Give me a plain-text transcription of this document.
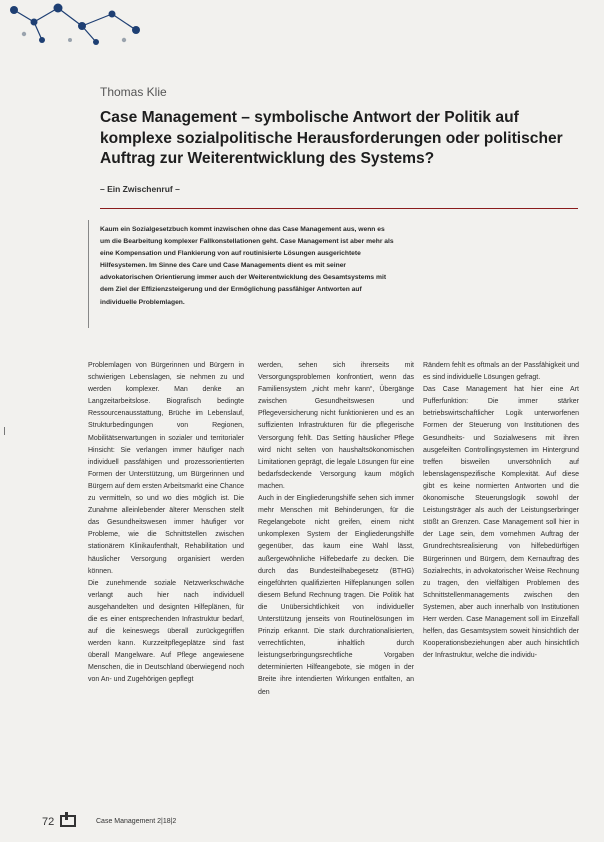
Thomas Klie
Case Management – symbolische Antwort der Politik auf komplexe sozialpolitische Herausforderungen oder politischer Auftrag zur Weiterentwicklung des Systems?
– Ein Zwischenruf –
Kaum ein Sozialgesetzbuch kommt inzwischen ohne das Case Management aus, wenn es um die Bearbeitung komplexer Fallkonstellationen geht. Case Management ist aber mehr als eine Kompensation und Flankierung von auf routinisierte Lösungen ausgerichtete Hilfesystemen. Im Sinne des Care und Case Managements dient es mit seiner advokatorischen Orientierung immer auch der Weiterentwicklung des Gesamtsystems mit dem Ziel der Effizienzsteigerung und der Ermöglichung passfähiger Antworten auf individuelle Problemlagen.

Problemlagen von Bürgerinnen und Bürgern in schwierigen Lebenslagen, sie nehmen zu und werden komplexer. Man denke an Langzeitarbeitslose. Biografisch bedingte Ressourcenausstattung, Brüche im Lebenslauf, Strukturbedingungen von Regionen, Mobilitätserwartungen in sozialer und territorialer Hinsicht: Sie verlangen immer häufiger nach individuell passfähigen und prozessorientierten Formen der Unterstützung, um Bürgerinnen und Bürgern auf dem ersten Arbeitsmarkt eine Chance zu vermitteln, so und wo dies möglich ist. Die Zunahme alleinlebender älterer Menschen stellt das Gesundheitswesen immer häufiger vor Probleme, wie die Schnittstellen zwischen stationärem Klinikaufenthalt, Rehabilitation und häuslicher Versorgung organisiert werden können.

Die zunehmende soziale Netzwerkschwäche verlangt auch hier nach individuell ausgehandelten und designten Hilfeplänen, für die es einer entsprechenden Infrastruktur bedarf, auf die keineswegs überall zurückgegriffen werden kann. Kurzzeitpflegeplätze sind fast überall Mangelware. Auf Pflege angewiesene Menschen, die in Deutschland überwiegend noch von An- und Zugehörigen gepflegt

werden, sehen sich ihrerseits mit Versorgungsproblemen konfrontiert, wenn das Familiensystem „nicht mehr kann“, Übergänge zwischen Gesundheitswesen und Pflegeversicherung nicht funktionieren und es an suffizienten Infrastrukturen für die pflegerische Versorgung fehlt. Das Setting häuslicher Pflege wird nicht selten von haushaltsökonomischen Limitationen geprägt, die legale Lösungen für eine bedarfsdeckende Versorgung kaum möglich machen.

Auch in der Eingliederungshilfe sehen sich immer mehr Menschen mit Behinderungen, für die Regelangebote nicht greifen, einem nicht unkomplexen System der Eingliederungshilfe gegenüber, das kaum eine Wahl lässt, außergewöhnliche Hilfebedarfe zu decken. Die durch das Bundesteilhabegesetz (BTHG) eingeführten qualifizierten Hilfeplanungen sollen diesem Befund Rechnung tragen. Die Politik hat die Unübersichtlichkeit von individueller Unterstützung jenseits von Routinelösungen im Prinzip erkannt. Die stark durchrationalisierten, verrechtlichten, inhaltlich durch leistungserbringungsrechtliche Vorgaben determinierten Hilfeangebote, sie mögen in der Breite ihre intendierten Wirkungen entfalten, an den

Rändern fehlt es oftmals an der Passfähigkeit und es sind individuelle Lösungen gefragt.

Das Case Management hat hier eine Art Pufferfunktion: Die immer stärker betriebswirtschaftlicher Logik unterworfenen Formen der Steuerung von Institutionen des Gesundheits- und Sozialwesens mit ihren ausgefeilten Controllingsystemen im Hintergrund treffen bisweilen unversöhnlich auf lebenslagenspezifische Komplexität. Auf diese gibt es keine normierten Antworten und die ökonomische Steuerungslogik sowohl der Leistungsträger als auch der Leistungserbringer stößt an Grenzen. Case Management soll hier in der Lage sein, dem vornehmen Auftrag der Grundrechtsrealisierung von hilfebedürftigen Bürgerinnen und Bürgern, dem Kernauftrag des Sozialrechts, in advokatorischer Weise Rechnung zu tragen, den vielfältigen Problemen des Schnittstellenmanagements zwischen den Systemen, aber auch innerhalb von Institutionen Herr werden. Case Management soll im Einzelfall helfen, das Gesamtsystem soweit hinsichtlich der Kooperationsbeziehungen aber auch hinsichtlich der Infrastruktur, welche die individu-

72	Case Management 2|18|2
